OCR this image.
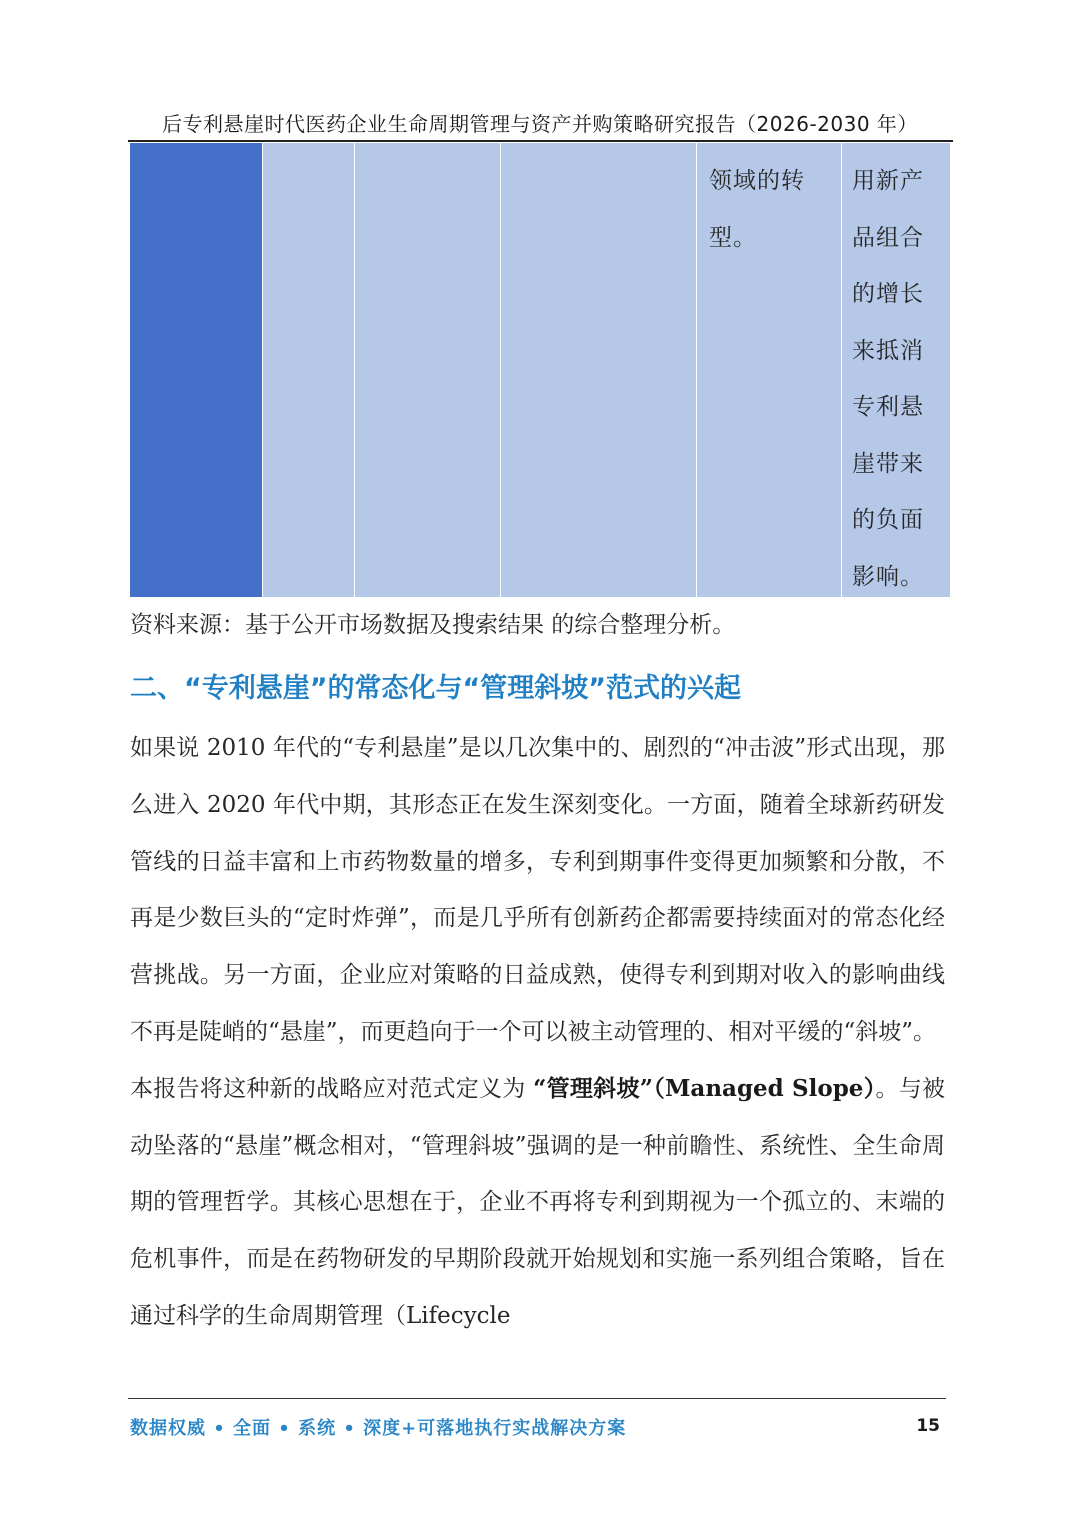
后专利悬崖时代医药企业生命周期管理与资产并购策略研究报告（2026-2030 年）
领域的转型。
用新产品组合的增长来抵消专利悬崖带来的负面影响。
资料来源：基于公开市场数据及搜索结果 的综合整理分析。
二、“专利悬崖”的常态化与“管理斜坡”范式的兴起

如果说 2010 年代的“专利悬崖”是以几次集中的、剧烈的“冲击波”形式出现，那么进入 2020 年代中期，其形态正在发生深刻变化。一方面，随着全球新药研发管线的日益丰富和上市药物数量的增多，专利到期事件变得更加频繁和分散，不再是少数巨头的“定时炸弹”，而是几乎所有创新药企都需要持续面对的常态化经营挑战。另一方面，企业应对策略的日益成熟，使得专利到期对收入的影响曲线不再是陡峭的“悬崖”，而更趋向于一个可以被主动管理的、相对平缓的“斜坡”。

本报告将这种新的战略应对范式定义为 “管理斜坡”（Managed Slope）。与被动坠落的“悬崖”概念相对，“管理斜坡”强调的是一种前瞻性、系统性、全生命周期的管理哲学。其核心思想在于，企业不再将专利到期视为一个孤立的、末端的危机事件，而是在药物研发的早期阶段就开始规划和实施一系列组合策略，旨在通过科学的生命周期管理（Lifecycle

数据权威 • 全面 • 系统 • 深度+可落地执行实战解决方案	15
